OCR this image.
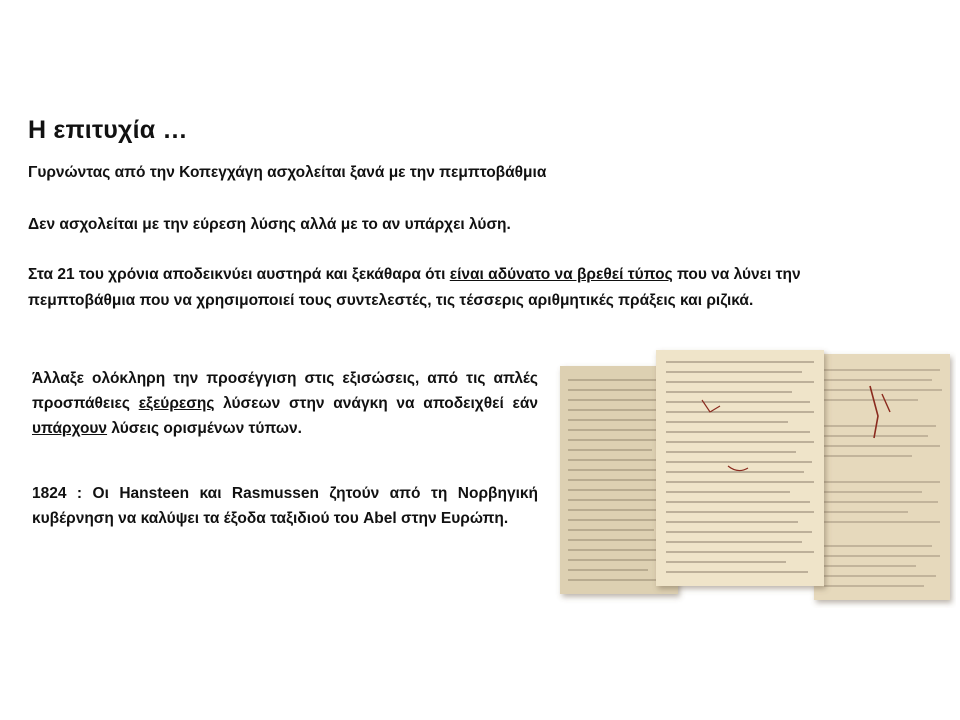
Η επιτυχία …
Γυρνώντας από την Κοπεγχάγη ασχολείται ξανά με την πεμπτοβάθμια
Δεν ασχολείται με την εύρεση λύσης αλλά με το αν υπάρχει λύση.
Στα 21 του χρόνια αποδεικνύει αυστηρά και ξεκάθαρα ότι είναι αδύνατο να βρεθεί τύπος που να λύνει την πεμπτοβάθμια που να χρησιμοποιεί τους συντελεστές, τις τέσσερις αριθμητικές πράξεις και ριζικά.
Άλλαξε ολόκληρη την προσέγγιση στις εξισώσεις, από τις απλές προσπάθειες εξεύρεσης λύσεων στην ανάγκη να αποδειχθεί εάν υπάρχουν λύσεις ορισμένων τύπων.
1824 : Οι Hansteen και Rasmussen ζητούν από τη Νορβηγική κυβέρνηση να καλύψει τα έξοδα ταξιδιού του Abel στην Ευρώπη.
